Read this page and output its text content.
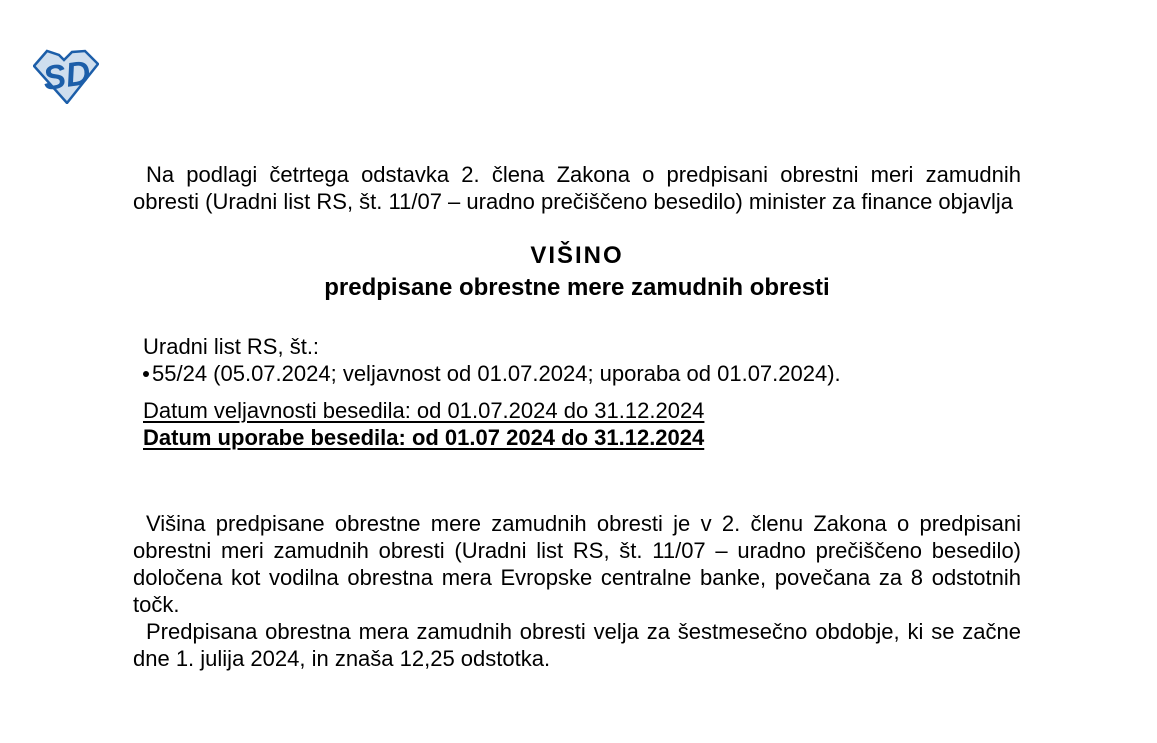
SD

Na podlagi četrtega odstavka 2. člena Zakona o predpisani obrestni meri zamudnih obresti (Uradni list RS, št. 11/07 – uradno prečiščeno besedilo) minister za finance objavlja

VIŠINO
predpisane obrestne mere zamudnih obresti

Uradni list RS, št.:

55/24 (05.07.2024; veljavnost od 01.07.2024; uporaba od 01.07.2024).

Datum veljavnosti besedila: od 01.07.2024 do 31.12.2024

Datum uporabe besedila: od 01.07 2024 do 31.12.2024

Višina predpisane obrestne mere zamudnih obresti je v 2. členu Zakona o predpisani obrestni meri zamudnih obresti (Uradni list RS, št. 11/07 – uradno prečiščeno besedilo) določena kot vodilna obrestna mera Evropske centralne banke, povečana za 8 odstotnih točk.

Predpisana obrestna mera zamudnih obresti velja za šestmesečno obdobje, ki se začne dne 1. julija 2024, in znaša 12,25 odstotka.
